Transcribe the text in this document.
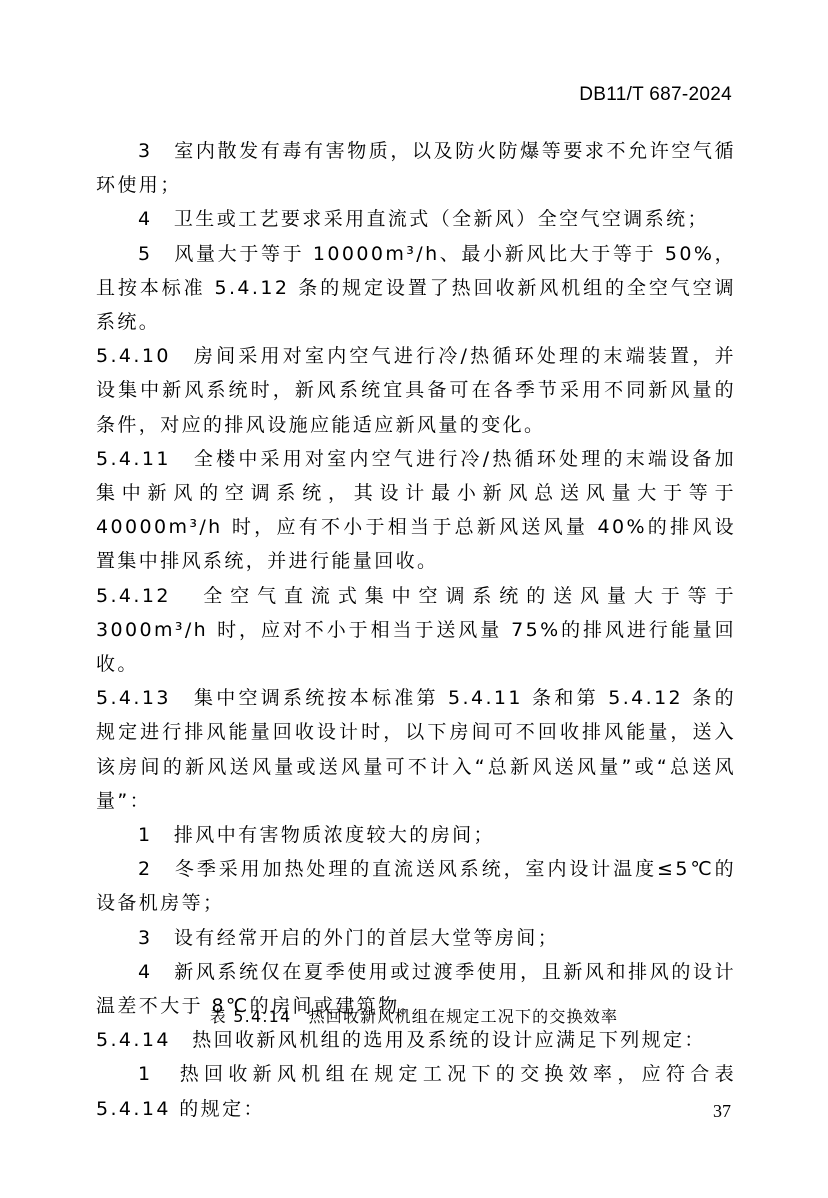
DB11/T 687-2024

3　室内散发有毒有害物质，以及防火防爆等要求不允许空气循环使用；

4　卫生或工艺要求采用直流式（全新风）全空气空调系统；

5　风量大于等于 10000m³/h、最小新风比大于等于 50%，且按本标准 5.4.12 条的规定设置了热回收新风机组的全空气空调系统。

5.4.10　房间采用对室内空气进行冷/热循环处理的末端装置，并设集中新风系统时，新风系统宜具备可在各季节采用不同新风量的条件，对应的排风设施应能适应新风量的变化。

5.4.11　全楼中采用对室内空气进行冷/热循环处理的末端设备加集中新风的空调系统，其设计最小新风总送风量大于等于 40000m³/h 时，应有不小于相当于总新风送风量 40%的排风设置集中排风系统，并进行能量回收。

5.4.12　全空气直流式集中空调系统的送风量大于等于 3000m³/h 时，应对不小于相当于送风量 75%的排风进行能量回收。

5.4.13　集中空调系统按本标准第 5.4.11 条和第 5.4.12 条的规定进行排风能量回收设计时，以下房间可不回收排风能量，送入该房间的新风送风量或送风量可不计入“总新风送风量”或“总送风量”：

1　排风中有害物质浓度较大的房间；

2　冬季采用加热处理的直流送风系统，室内设计温度≤5℃的设备机房等；

3　设有经常开启的外门的首层大堂等房间；

4　新风系统仅在夏季使用或过渡季使用，且新风和排风的设计温差不大于 8℃的房间或建筑物。

5.4.14　热回收新风机组的选用及系统的设计应满足下列规定：

1　热回收新风机组在规定工况下的交换效率，应符合表 5.4.14 的规定：

表 5.4.14　热回收新风机组在规定工况下的交换效率
37
